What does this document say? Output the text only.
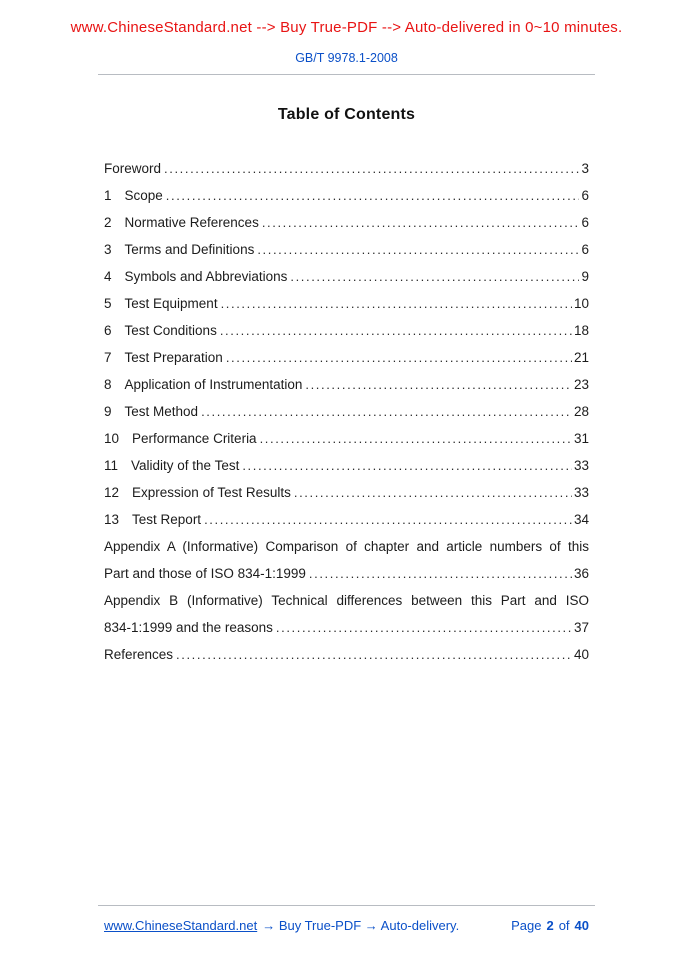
www.ChineseStandard.net --> Buy True-PDF --> Auto-delivered in 0~10 minutes.
GB/T 9978.1-2008
Table of Contents
Foreword .....	3
1 Scope .....	6
2 Normative References .....	6
3 Terms and Definitions .....	6
4 Symbols and Abbreviations .....	9
5 Test Equipment .....	10
6 Test Conditions .....	18
7 Test Preparation .....	21
8 Application of Instrumentation .....	23
9 Test Method .....	28
10 Performance Criteria .....	31
11 Validity of the Test .....	33
12 Expression of Test Results .....	33
13 Test Report .....	34
Appendix A (Informative) Comparison of chapter and article numbers of this
Part and those of ISO 834-1:1999 .....	36
Appendix B (Informative) Technical differences between this Part and ISO
834-1:1999 and the reasons .....	37
References .....	40
www.ChineseStandard.net → Buy True-PDF → Auto-delivery.	Page 2 of 40
